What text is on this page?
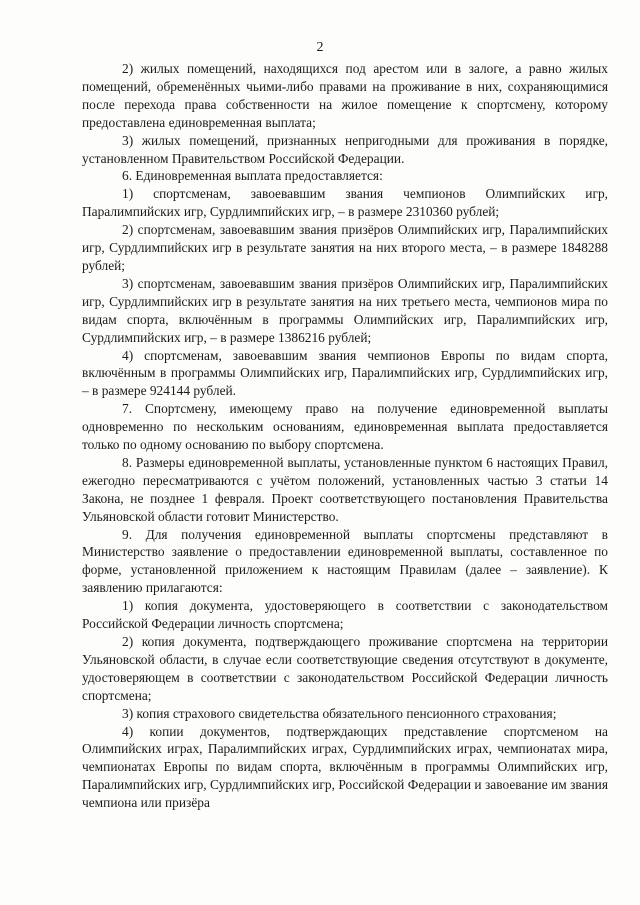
2

2) жилых помещений, находящихся под арестом или в залоге, а равно жилых помещений, обременённых чьими-либо правами на проживание в них, сохраняющимися после перехода права собственности на жилое помещение к спортсмену, которому предоставлена единовременная выплата;

3) жилых помещений, признанных непригодными для проживания в порядке, установленном Правительством Российской Федерации.

6. Единовременная выплата предоставляется:

1) спортсменам, завоевавшим звания чемпионов Олимпийских игр, Паралимпийских игр, Сурдлимпийских игр, – в размере 2310360 рублей;

2) спортсменам, завоевавшим звания призёров Олимпийских игр, Паралимпийских игр, Сурдлимпийских игр в результате занятия на них второго места, – в размере 1848288 рублей;

3) спортсменам, завоевавшим звания призёров Олимпийских игр, Паралимпийских игр, Сурдлимпийских игр в результате занятия на них третьего места, чемпионов мира по видам спорта, включённым в программы Олимпийских игр, Паралимпийских игр, Сурдлимпийских игр, – в размере 1386216 рублей;

4) спортсменам, завоевавшим звания чемпионов Европы по видам спорта, включённым в программы Олимпийских игр, Паралимпийских игр, Сурдлимпийских игр, – в размере 924144 рублей.

7. Спортсмену, имеющему право на получение единовременной выплаты одновременно по нескольким основаниям, единовременная выплата предоставляется только по одному основанию по выбору спортсмена.

8. Размеры единовременной выплаты, установленные пунктом 6 настоящих Правил, ежегодно пересматриваются с учётом положений, установленных частью 3 статьи 14 Закона, не позднее 1 февраля. Проект соответствующего постановления Правительства Ульяновской области готовит Министерство.

9. Для получения единовременной выплаты спортсмены представляют в Министерство заявление о предоставлении единовременной выплаты, составленное по форме, установленной приложением к настоящим Правилам (далее – заявление). К заявлению прилагаются:

1) копия документа, удостоверяющего в соответствии с законодательством Российской Федерации личность спортсмена;

2) копия документа, подтверждающего проживание спортсмена на территории Ульяновской области, в случае если соответствующие сведения отсутствуют в документе, удостоверяющем в соответствии с законодательством Российской Федерации личность спортсмена;

3) копия страхового свидетельства обязательного пенсионного страхования;

4) копии документов, подтверждающих представление спортсменом на Олимпийских играх, Паралимпийских играх, Сурдлимпийских играх, чемпионатах мира, чемпионатах Европы по видам спорта, включённым в программы Олимпийских игр, Паралимпийских игр, Сурдлимпийских игр, Российской Федерации и завоевание им звания чемпиона или призёра
